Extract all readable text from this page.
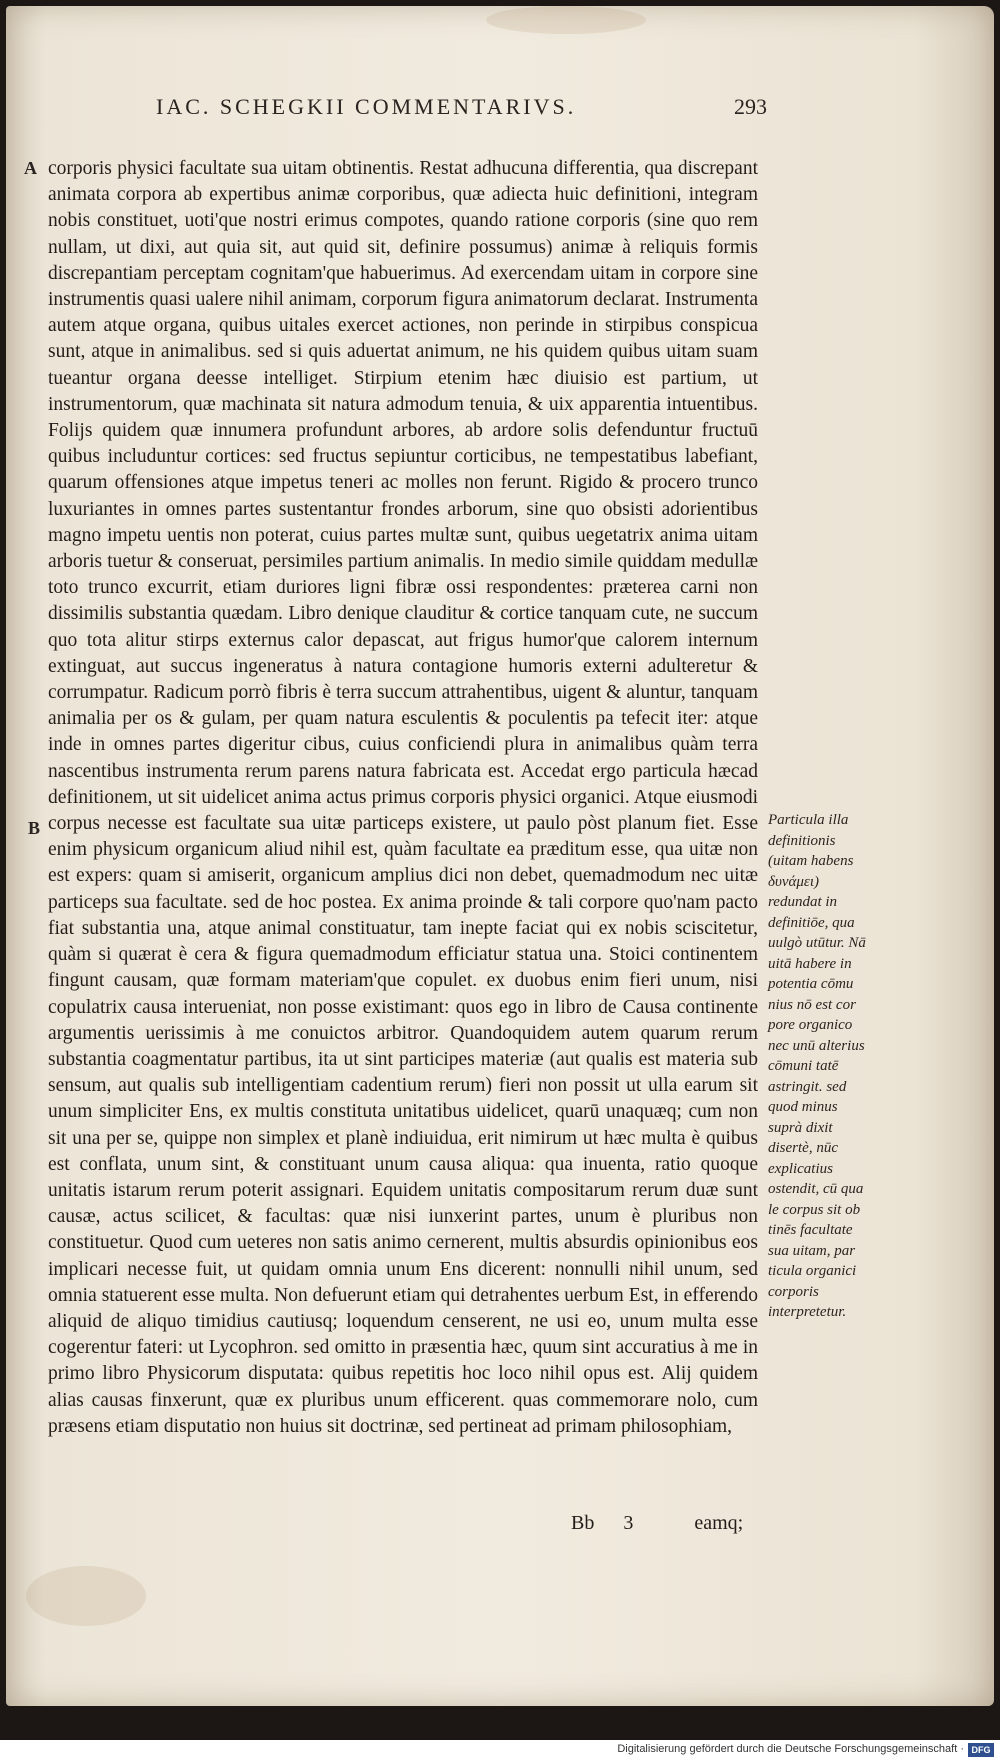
IAC. SCHEGKII COMMENTARIVS.	293
A
B

corporis physici facultate sua uitam obtinentis. Restat adhucuna differentia, qua discrepant animata corpora ab expertibus animæ corporibus, quæ adiecta huic definitioni, integram nobis constituet, uoti'que nostri erimus compotes, quando ratione corporis (sine quo rem nullam, ut dixi, aut quia sit, aut quid sit, definire possumus) animæ à reliquis formis discrepantiam perceptam cognitam'que habuerimus. Ad exercendam uitam in corpore sine instrumentis quasi ualere nihil animam, corporum figura animatorum declarat. Instrumenta autem atque organa, quibus uitales exercet actiones, non perinde in stirpibus conspicua sunt, atque in animalibus. sed si quis aduertat animum, ne his quidem quibus uitam suam tueantur organa deesse intelliget. Stirpium etenim hæc diuisio est partium, ut instrumentorum, quæ machinata sit natura admodum tenuia, & uix apparentia intuentibus. Folijs quidem quæ innumera profundunt arbores, ab ardore solis defenduntur fructuū quibus includuntur cortices: sed fructus sepiuntur corticibus, ne tempestatibus labefiant, quarum offensiones atque impetus teneri ac molles non ferunt. Rigido & procero trunco luxuriantes in omnes partes sustentantur frondes arborum, sine quo obsisti adorientibus magno impetu uentis non poterat, cuius partes multæ sunt, quibus uegetatrix anima uitam arboris tuetur & conseruat, persimiles partium animalis. In medio simile quiddam medullæ toto trunco excurrit, etiam duriores ligni fibræ ossi respondentes: præterea carni non dissimilis substantia quædam. Libro denique clauditur & cortice tanquam cute, ne succum quo tota alitur stirps externus calor depascat, aut frigus humor'que calorem internum extinguat, aut succus ingeneratus à natura contagione humoris externi adulteretur & corrumpatur. Radicum porrò fibris è terra succum attrahentibus, uigent & aluntur, tanquam animalia per os & gulam, per quam natura esculentis & poculentis pa tefecit iter: atque inde in omnes partes digeritur cibus, cuius conficiendi plura in animalibus quàm terra nascentibus instrumenta rerum parens natura fabricata est. Accedat ergo particula hæcad definitionem, ut sit uidelicet anima actus primus corporis physici organici. Atque eiusmodi corpus necesse est facultate sua uitæ particeps existere, ut paulo pòst planum fiet. Esse enim physicum organicum aliud nihil est, quàm facultate ea præditum esse, qua uitæ non est expers: quam si amiserit, organicum amplius dici non debet, quemadmodum nec uitæ particeps sua facultate. sed de hoc postea. Ex anima proinde & tali corpore quo'nam pacto fiat substantia una, atque animal constituatur, tam inepte faciat qui ex nobis sciscitetur, quàm si quærat è cera & figura quemadmodum efficiatur statua una. Stoici continentem fingunt causam, quæ formam materiam'que copulet. ex duobus enim fieri unum, nisi copulatrix causa interueniat, non posse existimant: quos ego in libro de Causa continente argumentis uerissimis à me conuictos arbitror. Quandoquidem autem quarum rerum substantia coagmentatur partibus, ita ut sint participes materiæ (aut qualis est materia sub sensum, aut qualis sub intelligentiam cadentium rerum) fieri non possit ut ulla earum sit unum simpliciter Ens, ex multis constituta unitatibus uidelicet, quarū unaquæq; cum non sit una per se, quippe non simplex et planè indiuidua, erit nimirum ut hæc multa è quibus est conflata, unum sint, & constituant unum causa aliqua: qua inuenta, ratio quoque unitatis istarum rerum poterit assignari. Equidem unitatis compositarum rerum duæ sunt causæ, actus scilicet, & facultas: quæ nisi iunxerint partes, unum è pluribus non constituetur. Quod cum ueteres non satis animo cernerent, multis absurdis opinionibus eos implicari necesse fuit, ut quidam omnia unum Ens dicerent: nonnulli nihil unum, sed omnia statuerent esse multa. Non defuerunt etiam qui detrahentes uerbum Est, in efferendo aliquid de aliquo timidius cautiusq; loquendum censerent, ne usi eo, unum multa esse cogerentur fateri: ut Lycophron. sed omitto in præsentia hæc, quum sint accuratius à me in primo libro Physicorum disputata: quibus repetitis hoc loco nihil opus est. Alij quidem alias causas finxerunt, quæ ex pluribus unum efficerent. quas commemorare nolo, cum præsens etiam disputatio non huius sit doctrinæ, sed pertineat ad primam philosophiam,

Particula illa definitionis (uitam habens δυνάμει) redundat in definitiōe, qua uulgò utūtur. Nā uitā habere in potentia cōmu nius nō est cor pore organico nec unū alterius cōmuni tatē astringit. sed quod minus suprà dixit disertè, nūc explicatius ostendit, cū qua le corpus sit ob tinēs facultate sua uitam, par ticula organici corporis interpretetur.
Bb 3	eamq;
Digitalisierung gefördert durch die Deutsche Forschungsgemeinschaft · DFG
